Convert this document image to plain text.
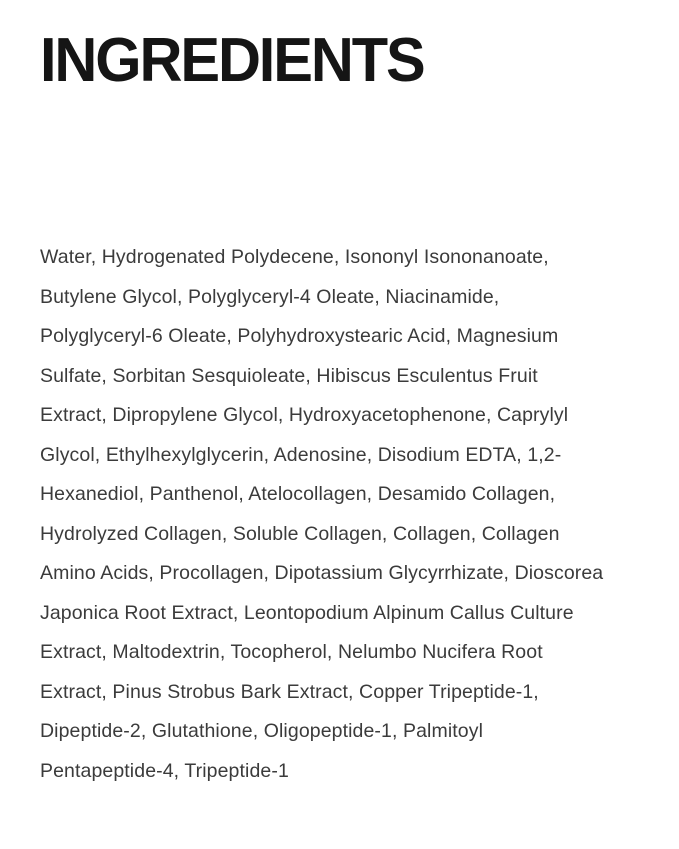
INGREDIENTS
Water, Hydrogenated Polydecene, Isononyl Isononanoate,
Butylene Glycol, Polyglyceryl-4 Oleate, Niacinamide,
Polyglyceryl-6 Oleate, Polyhydroxystearic Acid, Magnesium
Sulfate, Sorbitan Sesquioleate, Hibiscus Esculentus Fruit
Extract, Dipropylene Glycol, Hydroxyacetophenone, Caprylyl
Glycol, Ethylhexylglycerin, Adenosine, Disodium EDTA, 1,2-
Hexanediol, Panthenol, Atelocollagen, Desamido Collagen,
Hydrolyzed Collagen, Soluble Collagen, Collagen, Collagen
Amino Acids, Procollagen, Dipotassium Glycyrrhizate, Dioscorea
Japonica Root Extract, Leontopodium Alpinum Callus Culture
Extract, Maltodextrin, Tocopherol, Nelumbo Nucifera Root
Extract, Pinus Strobus Bark Extract, Copper Tripeptide-1,
Dipeptide-2, Glutathione, Oligopeptide-1, Palmitoyl
Pentapeptide-4, Tripeptide-1
